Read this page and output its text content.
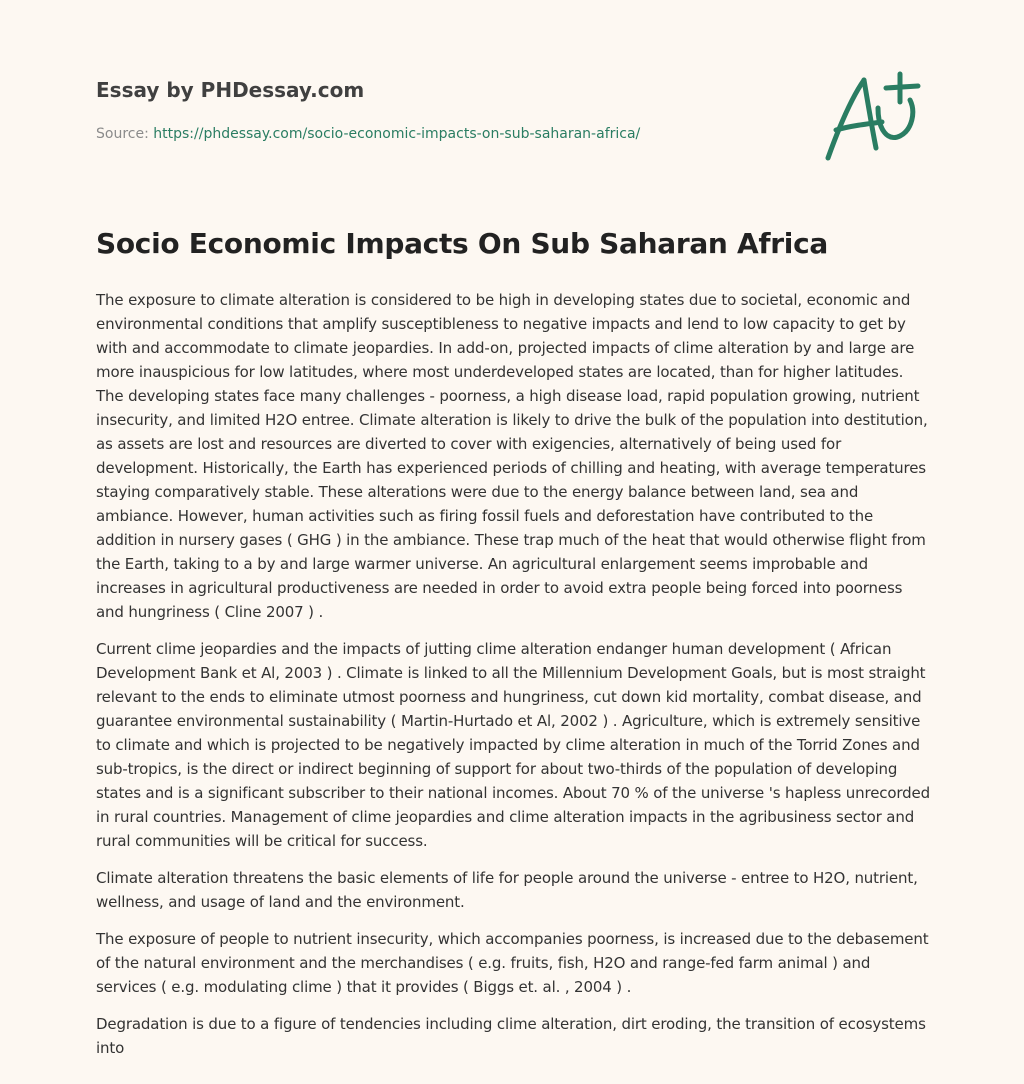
Essay by PHDessay.com
Source: https://phdessay.com/socio-economic-impacts-on-sub-saharan-africa/
Socio Economic Impacts On Sub Saharan Africa

The exposure to climate alteration is considered to be high in developing states due to societal, economic and environmental conditions that amplify susceptibleness to negative impacts and lend to low capacity to get by with and accommodate to climate jeopardies. In add-on, projected impacts of clime alteration by and large are more inauspicious for low latitudes, where most underdeveloped states are located, than for higher latitudes. The developing states face many challenges - poorness, a high disease load, rapid population growing, nutrient insecurity, and limited H2O entree. Climate alteration is likely to drive the bulk of the population into destitution, as assets are lost and resources are diverted to cover with exigencies, alternatively of being used for development. Historically, the Earth has experienced periods of chilling and heating, with average temperatures staying comparatively stable. These alterations were due to the energy balance between land, sea and ambiance. However, human activities such as firing fossil fuels and deforestation have contributed to the addition in nursery gases ( GHG ) in the ambiance. These trap much of the heat that would otherwise flight from the Earth, taking to a by and large warmer universe. An agricultural enlargement seems improbable and increases in agricultural productiveness are needed in order to avoid extra people being forced into poorness and hungriness ( Cline 2007 ) .

Current clime jeopardies and the impacts of jutting clime alteration endanger human development ( African Development Bank et Al, 2003 ) . Climate is linked to all the Millennium Development Goals, but is most straight relevant to the ends to eliminate utmost poorness and hungriness, cut down kid mortality, combat disease, and guarantee environmental sustainability ( Martin-Hurtado et Al, 2002 ) . Agriculture, which is extremely sensitive to climate and which is projected to be negatively impacted by clime alteration in much of the Torrid Zones and sub-tropics, is the direct or indirect beginning of support for about two-thirds of the population of developing states and is a significant subscriber to their national incomes. About 70 % of the universe 's hapless unrecorded in rural countries. Management of clime jeopardies and clime alteration impacts in the agribusiness sector and rural communities will be critical for success.

Climate alteration threatens the basic elements of life for people around the universe - entree to H2O, nutrient, wellness, and usage of land and the environment.

The exposure of people to nutrient insecurity, which accompanies poorness, is increased due to the debasement of the natural environment and the merchandises ( e.g. fruits, fish, H2O and range-fed farm animal ) and services ( e.g. modulating clime ) that it provides ( Biggs et. al. , 2004 ) .

Degradation is due to a figure of tendencies including clime alteration, dirt eroding, the transition of ecosystems into
